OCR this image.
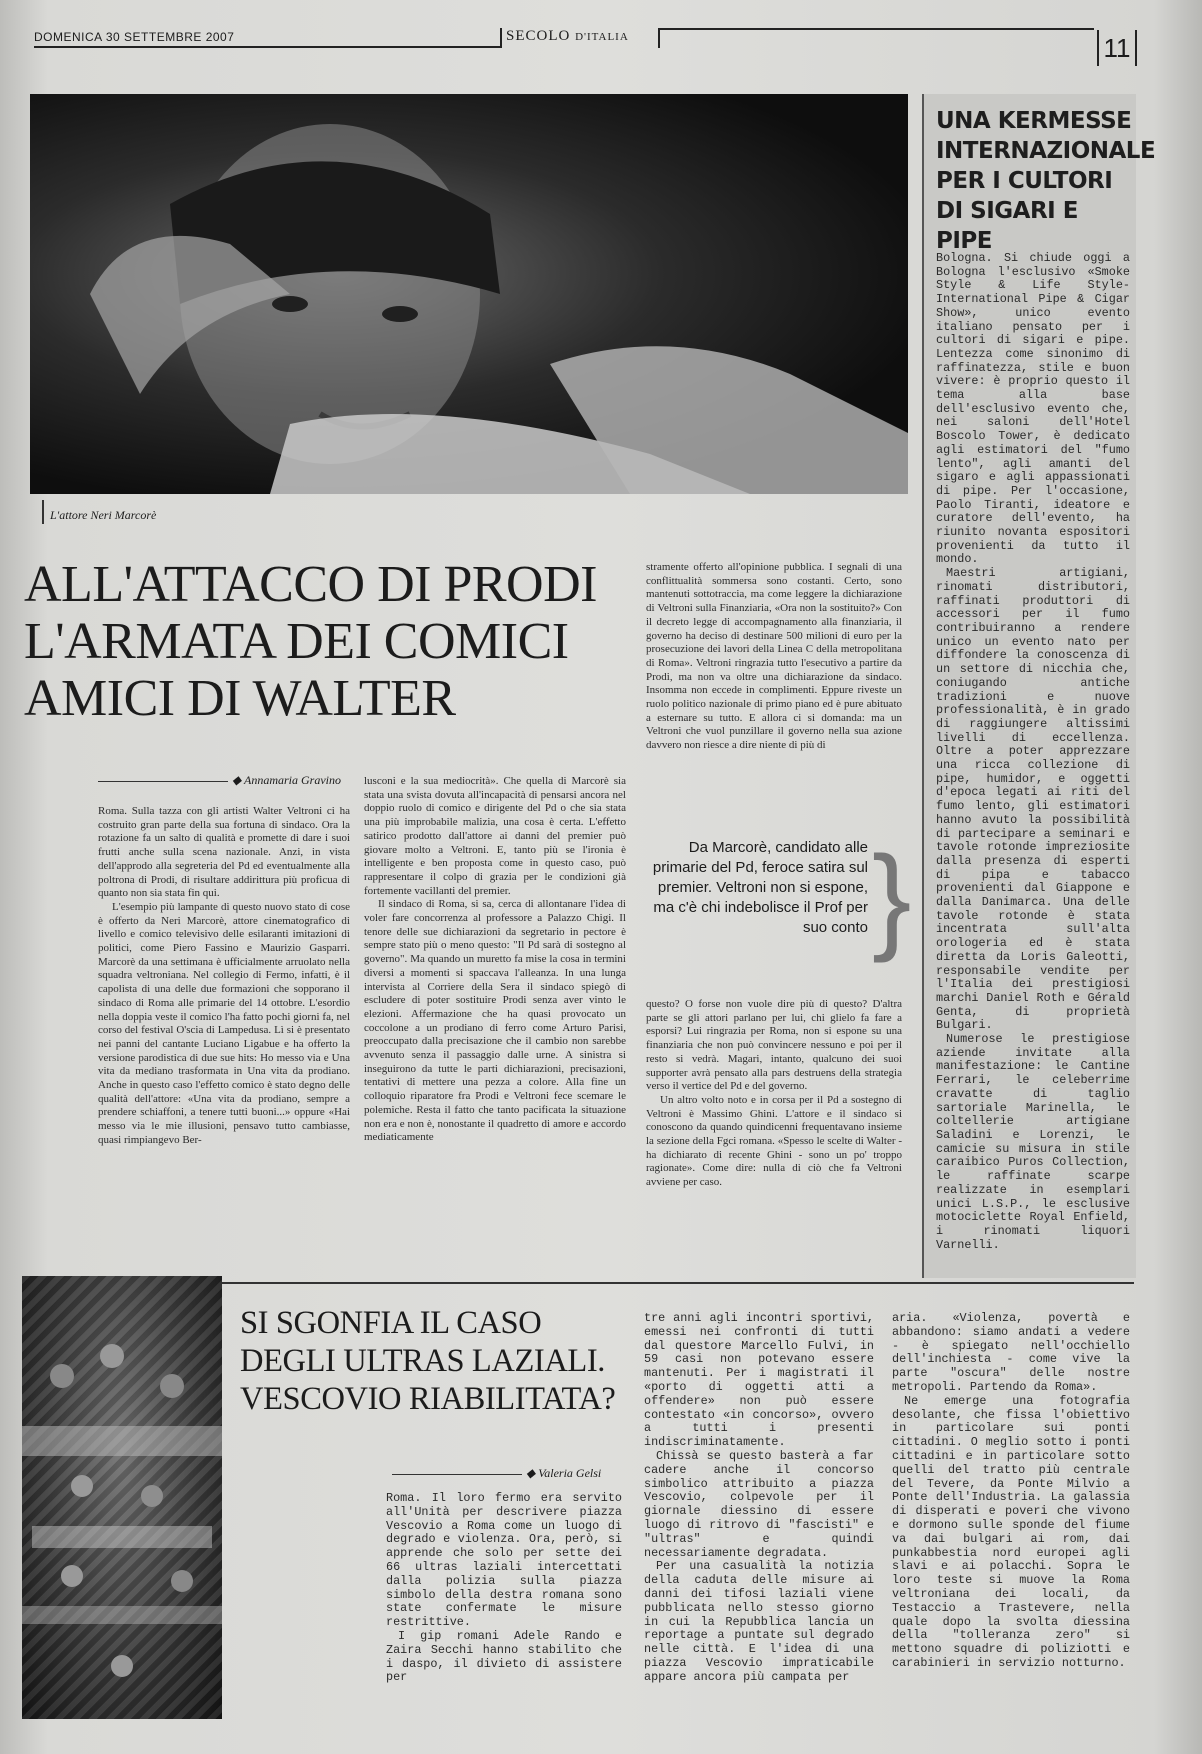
DOMENICA 30 SETTEMBRE 2007	SECOLO D'ITALIA	11
L'attore Neri Marcorè
ALL'ATTACCO DI PRODI
L'ARMATA DEI COMICI
AMICI DI WALTER
◆ Annamaria Gravino

Roma. Sulla tazza con gli artisti Walter Veltroni ci ha costruito gran parte della sua fortuna di sindaco. Ora la rotazione fa un salto di qualità e promette di dare i suoi frutti anche sulla scena nazionale. Anzi, in vista dell'approdo alla segreteria del Pd ed eventualmente alla poltrona di Prodi, di risultare addirittura più proficua di quanto non sia stata fin qui.

L'esempio più lampante di questo nuovo stato di cose è offerto da Neri Marcorè, attore cinematografico di livello e comico televisivo delle esilaranti imitazioni di politici, come Piero Fassino e Maurizio Gasparri. Marcorè da una settimana è ufficialmente arruolato nella squadra veltroniana. Nel collegio di Fermo, infatti, è il capolista di una delle due formazioni che sopporano il sindaco di Roma alle primarie del 14 ottobre. L'esordio nella doppia veste il comico l'ha fatto pochi giorni fa, nel corso del festival O'scia di Lampedusa. Lì si è presentato nei panni del cantante Luciano Ligabue e ha offerto la versione parodistica di due sue hits: Ho messo via e Una vita da mediano trasformata in Una vita da prodiano. Anche in questo caso l'effetto comico è stato degno delle qualità dell'attore: «Una vita da prodiano, sempre a prendere schiaffoni, a tenere tutti buoni...» oppure «Hai messo via le mie illusioni, pensavo tutto cambiasse, quasi rimpiangevo Ber-

lusconi e la sua mediocrità». Che quella di Marcorè sia stata una svista dovuta all'incapacità di pensarsi ancora nel doppio ruolo di comico e dirigente del Pd o che sia stata una più improbabile malizia, una cosa è certa. L'effetto satirico prodotto dall'attore ai danni del premier può giovare molto a Veltroni. E, tanto più se l'ironia è intelligente e ben proposta come in questo caso, può rappresentare il colpo di grazia per le condizioni già fortemente vacillanti del premier.

Il sindaco di Roma, si sa, cerca di allontanare l'idea di voler fare concorrenza al professore a Palazzo Chigi. Il tenore delle sue dichiarazioni da segretario in pectore è sempre stato più o meno questo: "Il Pd sarà di sostegno al governo". Ma quando un muretto fa mise la cosa in termini diversi a momenti si spaccava l'alleanza. In una lunga intervista al Corriere della Sera il sindaco spiegò di escludere di poter sostituire Prodi senza aver vinto le elezioni. Affermazione che ha quasi provocato un coccolone a un prodiano di ferro come Arturo Parisi, preoccupato dalla precisazione che il cambio non sarebbe avvenuto senza il passaggio dalle urne. A sinistra si inseguirono da tutte le parti dichiarazioni, precisazioni, tentativi di mettere una pezza a colore. Alla fine un colloquio riparatore fra Prodi e Veltroni fece scemare le polemiche. Resta il fatto che tanto pacificata la situazione non era e non è, nonostante il quadretto di amore e accordo mediaticamente

stramente offerto all'opinione pubblica. I segnali di una conflittualità sommersa sono costanti. Certo, sono mantenuti sottotraccia, ma come leggere la dichiarazione di Veltroni sulla Finanziaria, «Ora non la sostituito?» Con il decreto legge di accompagnamento alla finanziaria, il governo ha deciso di destinare 500 milioni di euro per la prosecuzione dei lavori della Linea C della metropolitana di Roma». Veltroni ringrazia tutto l'esecutivo a partire da Prodi, ma non va oltre una dichiarazione da sindaco. Insomma non eccede in complimenti. Eppure riveste un ruolo politico nazionale di primo piano ed è pure abituato a esternare su tutto. E allora ci si domanda: ma un Veltroni che vuol punzillare il governo nella sua azione davvero non riesce a dire niente di più di

Da Marcorè, candidato alle primarie del Pd, feroce satira sul premier. Veltroni non si espone, ma c'è chi indebolisce il Prof per suo conto }

questo? O forse non vuole dire più di questo? D'altra parte se gli attori parlano per lui, chi glielo fa fare a esporsi? Lui ringrazia per Roma, non si espone su una finanziaria che non può convincere nessuno e poi per il resto si vedrà. Magari, intanto, qualcuno dei suoi supporter avrà pensato alla pars destruens della strategia verso il vertice del Pd e del governo.

Un altro volto noto e in corsa per il Pd a sostegno di Veltroni è Massimo Ghini. L'attore e il sindaco si conoscono da quando quindicenni frequentavano insieme la sezione della Fgci romana. «Spesso le scelte di Walter - ha dichiarato di recente Ghini - sono un po' troppo ragionate». Come dire: nulla di ciò che fa Veltroni avviene per caso.

UNA KERMESSE
INTERNAZIONALE
PER I CULTORI
DI SIGARI E PIPE

Bologna. Si chiude oggi a Bologna l'esclusivo «Smoke Style & Life Style-International Pipe & Cigar Show», unico evento italiano pensato per i cultori di sigari e pipe. Lentezza come sinonimo di raffinatezza, stile e buon vivere: è proprio questo il tema alla base dell'esclusivo evento che, nei saloni dell'Hotel Boscolo Tower, è dedicato agli estimatori del "fumo lento", agli amanti del sigaro e agli appassionati di pipe. Per l'occasione, Paolo Tiranti, ideatore e curatore dell'evento, ha riunito novanta espositori provenienti da tutto il mondo.

Maestri artigiani, rinomati distributori, raffinati produttori di accessori per il fumo contribuiranno a rendere unico un evento nato per diffondere la conoscenza di un settore di nicchia che, coniugando antiche tradizioni e nuove professionalità, è in grado di raggiungere altissimi livelli di eccellenza. Oltre a poter apprezzare una ricca collezione di pipe, humidor, e oggetti d'epoca legati ai riti del fumo lento, gli estimatori hanno avuto la possibilità di partecipare a seminari e tavole rotonde impreziosite dalla presenza di esperti di pipa e tabacco provenienti dal Giappone e dalla Danimarca. Una delle tavole rotonde è stata incentrata sull'alta orologeria ed è stata diretta da Loris Galeotti, responsabile vendite per l'Italia dei prestigiosi marchi Daniel Roth e Gérald Genta, di proprietà Bulgari.

Numerose le prestigiose aziende invitate alla manifestazione: le Cantine Ferrari, le celeberrime cravatte di taglio sartoriale Marinella, le coltellerie artigiane Saladini e Lorenzi, le camicie su misura in stile caraibico Puros Collection, le raffinate scarpe realizzate in esemplari unici L.S.P., le esclusive motociclette Royal Enfield, i rinomati liquori Varnelli.

SI SGONFIA IL CASO
DEGLI ULTRAS LAZIALI.
VESCOVIO RIABILITATA?
◆ Valeria Gelsi

Roma. Il loro fermo era servito all'Unità per descrivere piazza Vescovio a Roma come un luogo di degrado e violenza. Ora, però, si apprende che solo per sette dei 66 ultras laziali intercettati dalla polizia sulla piazza simbolo della destra romana sono state confermate le misure restrittive.

I gip romani Adele Rando e Zaira Secchi hanno stabilito che i daspo, il divieto di assistere per

tre anni agli incontri sportivi, emessi nei confronti di tutti dal questore Marcello Fulvi, in 59 casi non potevano essere mantenuti. Per i magistrati il «porto di oggetti atti a offendere» non può essere contestato «in concorso», ovvero a tutti i presenti indiscriminatamente.

Chissà se questo basterà a far cadere anche il concorso simbolico attribuito a piazza Vescovio, colpevole per il giornale diessino di essere luogo di ritrovo di "fascisti" e "ultras" e quindi necessariamente degradata.

Per una casualità la notizia della caduta delle misure ai danni dei tifosi laziali viene pubblicata nello stesso giorno in cui la Repubblica lancia un reportage a puntate sul degrado nelle città. E l'idea di una piazza Vescovio impraticabile appare ancora più campata per

aria. «Violenza, povertà e abbandono: siamo andati a vedere - è spiegato nell'occhiello dell'inchiesta - come vive la parte "oscura" delle nostre metropoli. Partendo da Roma».

Ne emerge una fotografia desolante, che fissa l'obiettivo in particolare sui ponti cittadini. O meglio sotto i ponti cittadini e in particolare sotto quelli del tratto più centrale del Tevere, da Ponte Milvio a Ponte dell'Industria. La galassia di disperati e poveri che vivono e dormono sulle sponde del fiume va dai bulgari ai rom, dai punkabbestia nord europei agli slavi e ai polacchi. Sopra le loro teste si muove la Roma veltroniana dei locali, da Testaccio a Trastevere, nella quale dopo la svolta diessina della "tolleranza zero" si mettono squadre di poliziotti e carabinieri in servizio notturno.
